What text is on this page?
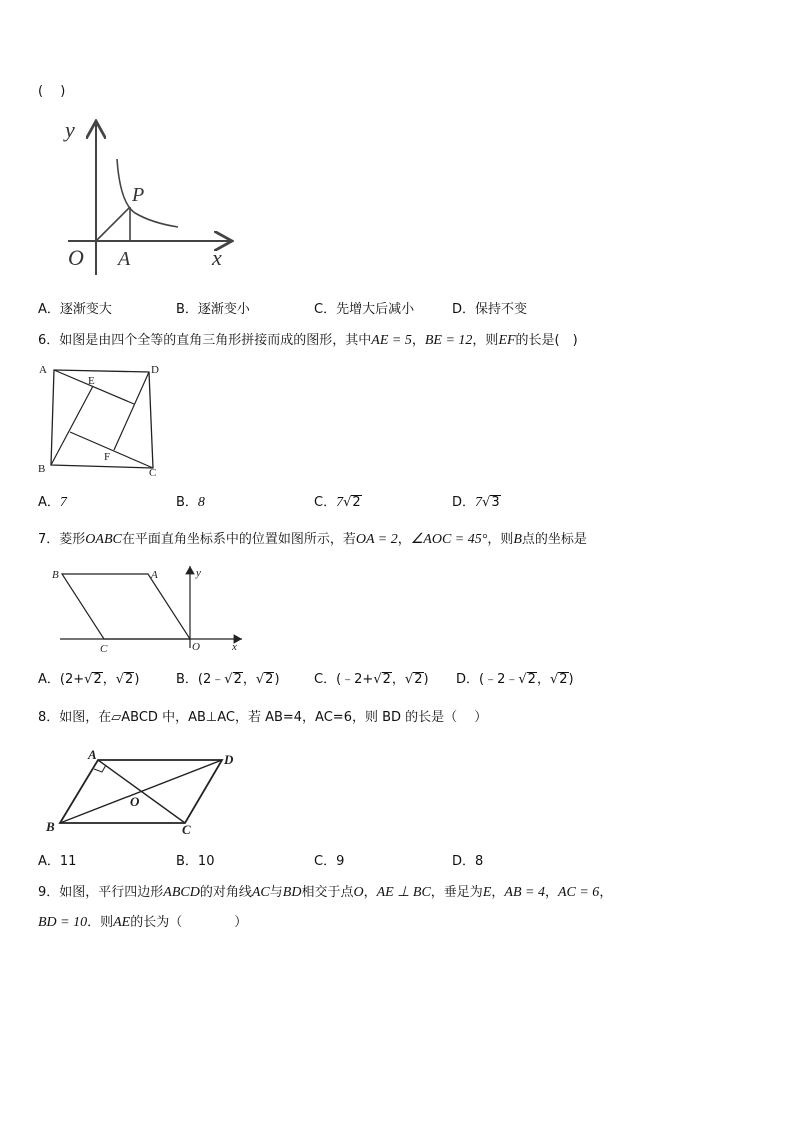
(　 )
y
P
O A	x
A．逐渐变大	B．逐渐变小	C．先增大后减小	D．保持不变
6．如图是由四个全等的直角三角形拼接而成的图形，其中AE = 5，BE = 12，则EF的长是(　)
A	D
E
F
B	C
A．7	B．8	C．7√2	D．7√3
7．菱形OABC在平面直角坐标系中的位置如图所示，若OA = 2，∠AOC = 45°，则B点的坐标是
B	A	y
C	O	x
A．(2+√2，√2)	B．(2﹣√2，√2)	C．(﹣2+√2，√2) D．(﹣2﹣√2，√2)
8．如图，在▱ABCD 中，AB⊥AC，若 AB=4，AC=6，则 BD 的长是（　 ）
A	D
O
B	C
A．11	B．10	C．9	D．8
9．如图，平行四边形ABCD的对角线AC与BD相交于点O，AE ⊥ BC，垂足为E，AB = 4，AC = 6，
BD = 10．则AE的长为（　　　　）
